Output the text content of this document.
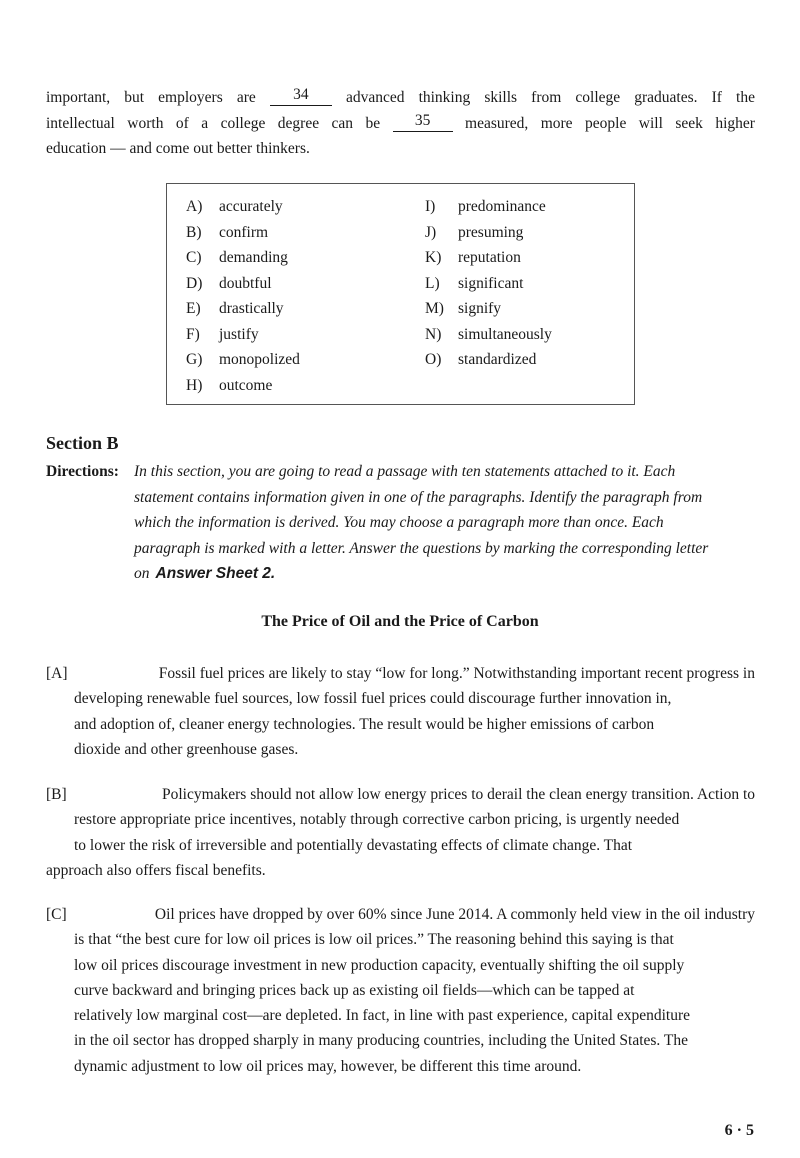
important, but employers are	34	advanced thinking skills from college graduates. If the
intellectual worth of a college degree can be	35	measured, more people will seek higher
education — and come out better thinkers.
A)	accurately
B)	confirm
C)	demanding
D)	doubtful
E)	drastically
F)	justify
G)	monopolized
H)	outcome
I)	predominance
J)	presuming
K)	reputation
L)	significant
M) signify
N)	simultaneously
O)	standardized
Section B
Directions: In this section, you are going to read a passage with ten statements attached to it. Each
statement contains information given in one of the paragraphs. Identify the paragraph from
which the information is derived. You may choose a paragraph more than once. Each
paragraph is marked with a letter. Answer the questions by marking the corresponding letter
on Answer Sheet 2.
The Price of Oil and the Price of Carbon
[A]	Fossil fuel prices are likely to stay “low for long.” Notwithstanding important recent progress in
developing renewable fuel sources, low fossil fuel prices could discourage further innovation in,
and adoption of, cleaner energy technologies. The result would be higher emissions of carbon
dioxide and other greenhouse gases.
[B]	Policymakers should not allow low energy prices to derail the clean energy transition. Action to
restore appropriate price incentives, notably through corrective carbon pricing, is urgently needed
to lower the risk of irreversible and potentially devastating effects of climate change. That
approach also offers fiscal benefits.
[C]	Oil prices have dropped by over 60% since June 2014. A commonly held view in the oil industry
is that “the best cure for low oil prices is low oil prices.” The reasoning behind this saying is that
low oil prices discourage investment in new production capacity, eventually shifting the oil supply
curve backward and bringing prices back up as existing oil fields—which can be tapped at
relatively low marginal cost—are depleted. In fact, in line with past experience, capital expenditure
in the oil sector has dropped sharply in many producing countries, including the United States. The
dynamic adjustment to low oil prices may, however, be different this time around.
6 · 5
